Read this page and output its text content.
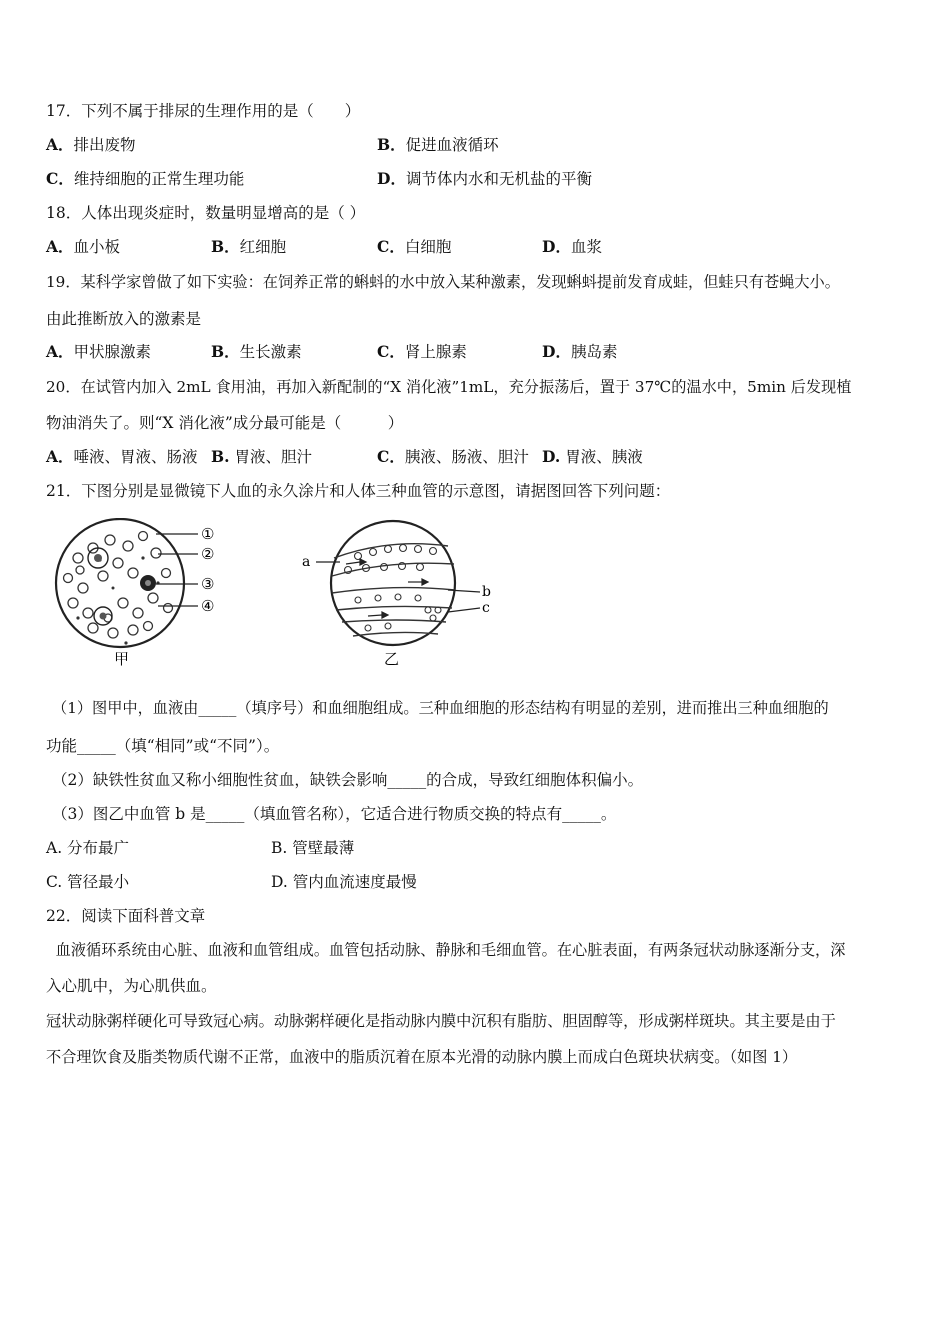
17．下列不属于排尿的生理作用的是（　　）
A．排出废物	B．促进血液循环
C．维持细胞的正常生理功能	D．调节体内水和无机盐的平衡
18．人体出现炎症时，数量明显增高的是（ ）
A．血小板	B．红细胞	C．白细胞	D．血浆
19．某科学家曾做了如下实验：在饲养正常的蝌蚪的水中放入某种激素，发现蝌蚪提前发育成蛙，但蛙只有苍蝇大小。
由此推断放入的激素是
A．甲状腺激素	B．生长激素	C．肾上腺素	D．胰岛素
20．在试管内加入 2mL 食用油，再加入新配制的“X 消化液”1mL，充分振荡后，置于 37℃的温水中，5min 后发现植
物油消失了。则“X 消化液”成分最可能是（　　　）
A．唾液、胃液、肠液 B. 胃液、胆汁	C．胰液、肠液、胆汁 D. 胃液、胰液
21．下图分别是显微镜下人血的永久涂片和人体三种血管的示意图，请据图回答下列问题：
①
②
③
④
甲
a
b
c
乙
（1）图甲中，血液由_____（填序号）和血细胞组成。三种血细胞的形态结构有明显的差别，进而推出三种血细胞的
功能_____（填“相同”或“不同”）。
（2）缺铁性贫血又称小细胞性贫血，缺铁会影响_____的合成，导致红细胞体积偏小。
（3）图乙中血管 b 是_____（填血管名称），它适合进行物质交换的特点有_____。
A. 分布最广	B. 管壁最薄
C. 管径最小	D. 管内血流速度最慢
22．阅读下面科普文章
血液循环系统由心脏、血液和血管组成。血管包括动脉、静脉和毛细血管。在心脏表面，有两条冠状动脉逐渐分支，深
入心肌中，为心肌供血。
冠状动脉粥样硬化可导致冠心病。动脉粥样硬化是指动脉内膜中沉积有脂肪、胆固醇等，形成粥样斑块。其主要是由于
不合理饮食及脂类物质代谢不正常，血液中的脂质沉着在原本光滑的动脉内膜上而成白色斑块状病变。（如图 1）
